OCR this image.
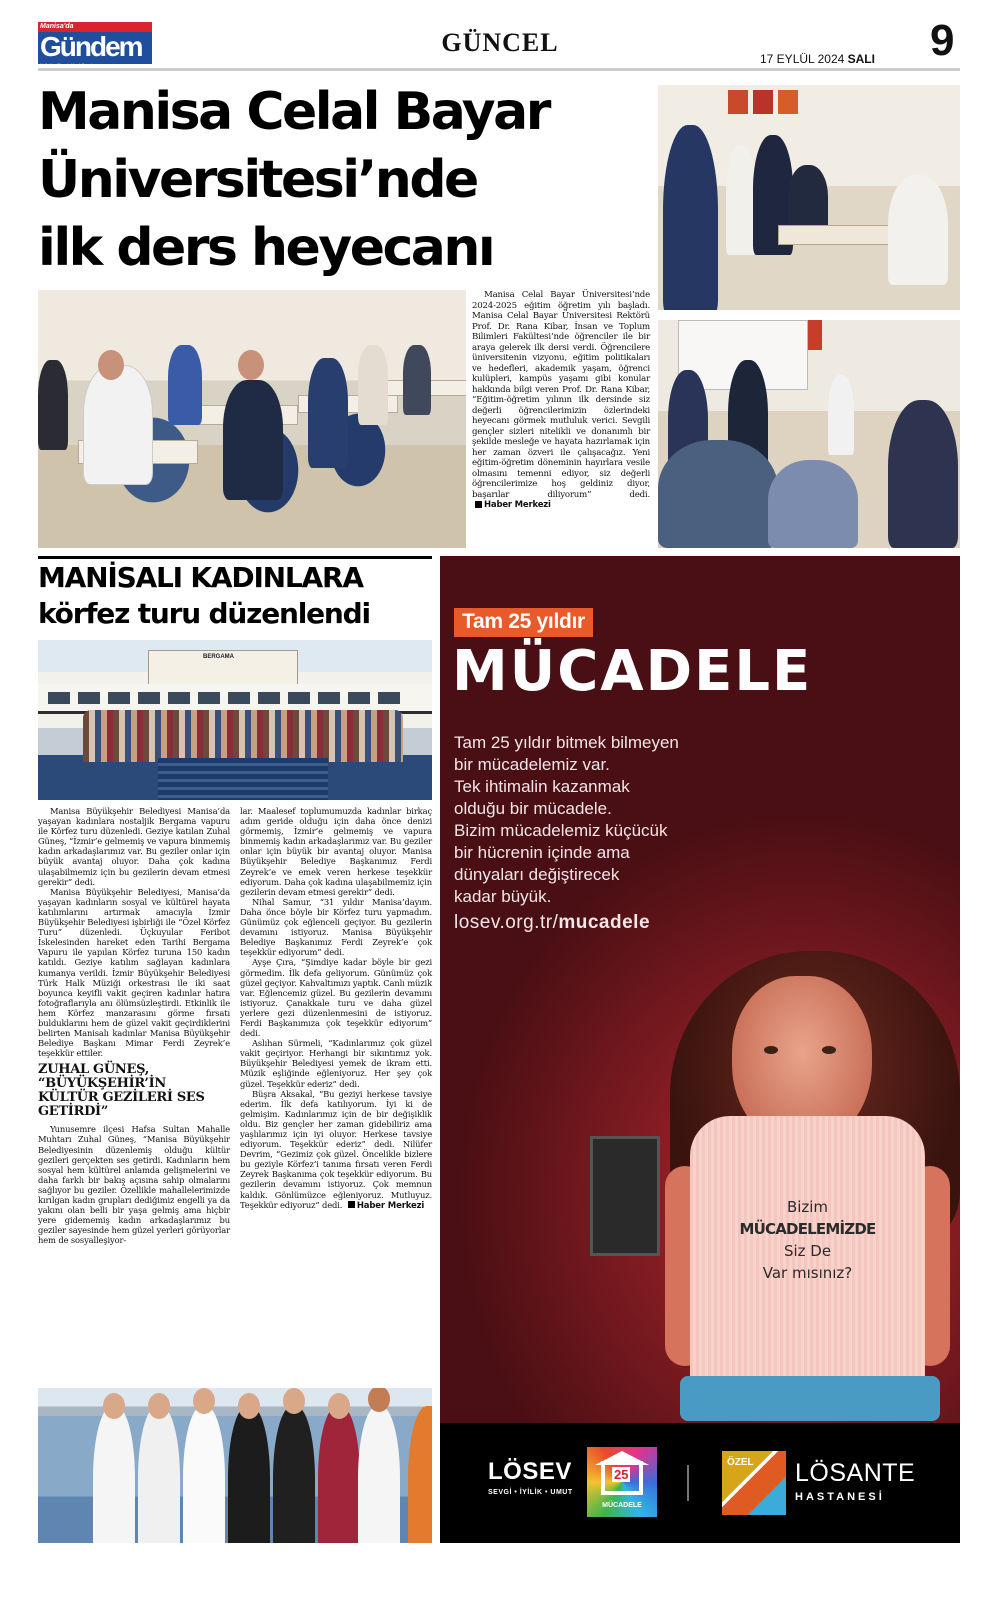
Manisa'da
Gündem
Haftalık · Siyasi · Yerel Gazete
GÜNCEL
17 EYLÜL 2024 SALI 9
Manisa Celal Bayar
Üniversitesi’nde
ilk ders heyecanı

Manisa Celal Bayar Üniversitesi’nde 2024-2025 eğitim öğretim yılı başladı. Manisa Celal Bayar Üniversitesi Rektörü Prof. Dr. Rana Kibar, İnsan ve Toplum Bilimleri Fakültesi’nde öğrenciler ile bir araya gelerek ilk dersi verdi. Öğrencilere üniversitenin vizyonu, eğitim politikaları ve hedefleri, akademik yaşam, öğrenci kulüpleri, kampüs yaşamı gibi konular hakkında bilgi veren Prof. Dr. Rana Kibar, “Eğitim-öğretim yılının ilk dersinde siz değerli öğrencilerimizin özlerindeki heyecanı görmek mutluluk verici. Sevgili gençler sizleri nitelikli ve donanımlı bir şekilde mesleğe ve hayata hazırlamak için her zaman özveri ile çalışacağız. Yeni eğitim-öğretim döneminin hayırlara vesile olmasını temenni ediyor, siz değerli öğrencilerimize hoş geldiniz diyor, başarılar diliyorum” dedi. Haber Merkezi

MANİSALI KADINLARA
körfez turu düzenlendi
BERGAMA

Manisa Büyükşehir Belediyesi Manisa’da yaşayan kadınlara nostaljik Bergama vapuru ile Körfez turu düzenledi. Geziye katılan Zuhal Güneş, “İzmir’e gelmemiş ve vapura binmemiş kadın arkadaşlarımız var. Bu geziler onlar için büyük avantaj oluyor. Daha çok kadına ulaşabilmemiz için bu gezilerin devam etmesi gerekir” dedi.

Manisa Büyükşehir Belediyesi, Manisa’da yaşayan kadınların sosyal ve kültürel hayata katılımlarını artırmak amacıyla İzmir Büyükşehir Belediyesi işbirliği ile “Özel Körfez Turu” düzenledi. Üçkuyular Feribot İskelesinden hareket eden Tarihi Bergama Vapuru ile yapılan Körfez turuna 150 kadın katıldı. Geziye katılım sağlayan kadınlara kumanya verildi. İzmir Büyükşehir Belediyesi Türk Halk Müziği orkestrası ile iki saat boyunca keyifli vakit geçiren kadınlar hatıra fotoğraflarıyla anı ölümsüzleştirdi. Etkinlik ile hem Körfez manzarasını görme fırsatı bulduklarını hem de güzel vakit geçirdiklerini belirten Manisalı kadınlar Manisa Büyükşehir Belediye Başkanı Mimar Ferdi Zeyrek’e teşekkür ettiler.

ZUHAL GÜNEŞ, “BÜYÜKŞEHİR’İN KÜLTÜR GEZİLERİ SES GETİRDİ”

Yunusemre ilçesi Hafsa Sultan Mahalle Muhtarı Zuhal Güneş, “Manisa Büyükşehir Belediyesinin düzenlemiş olduğu kültür gezileri gerçekten ses getirdi. Kadınların hem sosyal hem kültürel anlamda gelişmelerini ve daha farklı bir bakış açısına sahip olmalarını sağlıyor bu geziler. Özellikle mahallelerimizde kırılgan kadın grupları dediğimiz engelli ya da yakını olan belli bir yaşa gelmiş ama hiçbir yere gidememiş kadın arkadaşlarımız bu geziler sayesinde hem güzel yerleri görüyorlar hem de sosyalleşiyor-

lar. Maalesef toplumumuzda kadınlar birkaç adım geride olduğu için daha önce denizi görmemiş, İzmir’e gelmemiş ve vapura binmemiş kadın arkadaşlarımız var. Bu geziler onlar için büyük bir avantaj oluyor. Manisa Büyükşehir Belediye Başkanımız Ferdi Zeyrek’e ve emek veren herkese teşekkür ediyorum. Daha çok kadına ulaşabilmemiz için gezilerin devam etmesi gerekir” dedi.

Nihal Samur, “31 yıldır Manisa’dayım. Daha önce böyle bir Körfez turu yapmadım. Günümüz çok eğlenceli geçiyor. Bu gezilerin devamını istiyoruz. Manisa Büyükşehir Belediye Başkanımız Ferdi Zeyrek’e çok teşekkür ediyorum” dedi.

Ayşe Çıra, “Şimdiye kadar böyle bir gezi görmedim. İlk defa geliyorum. Günümüz çok güzel geçiyor. Kahvaltımızı yaptık. Canlı müzik var. Eğlencemiz güzel. Bu gezilerin devamını istiyoruz. Çanakkale turu ve daha güzel yerlere gezi düzenlenmesini de istiyoruz. Ferdi Başkanımıza çok teşekkür ediyorum” dedi.

Aslıhan Sürmeli, “Kadınlarımız çok güzel vakit geçiriyor. Herhangi bir sıkıntımız yok. Büyükşehir Belediyesi yemek de ikram etti. Müzik eşliğinde eğleniyoruz. Her şey çok güzel. Teşekkür ederiz” dedi.

Büşra Aksakal, “Bu geziyi herkese tavsiye ederim. İlk defa katılıyorum. İyi ki de gelmişim. Kadınlarımız için de bir değişiklik oldu. Biz gençler her zaman gidebiliriz ama yaşlılarımız için iyi oluyor. Herkese tavsiye ediyorum. Teşekkür ederiz” dedi. Nilüfer Devrim, “Gezimiz çok güzel. Öncelikle bizlere bu geziyle Körfez’i tanıma fırsatı veren Ferdi Zeyrek Başkanıma çok teşekkür ediyorum. Bu gezilerin devamını istiyoruz. Çok memnun kaldık. Gönlümüzce eğleniyoruz. Mutluyuz. Teşekkür ediyoruz” dedi. Haber Merkezi

Tam 25 yıldır
MÜCADELE
Tam 25 yıldır bitmek bilmeyen
bir mücadelemiz var.
Tek ihtimalin kazanmak
olduğu bir mücadele.
Bizim mücadelemiz küçücük
bir hücrenin içinde ama
dünyaları değiştirecek
kadar büyük.
losev.org.tr/mucadele
Bizim
MÜCADELEMİZDE
Siz De
Var mısınız?
LÖSEV
SEVGİ • İYİLİK • UMUT
25
MÜCADELE
ÖZEL LÖSANTE
HASTANESİ
